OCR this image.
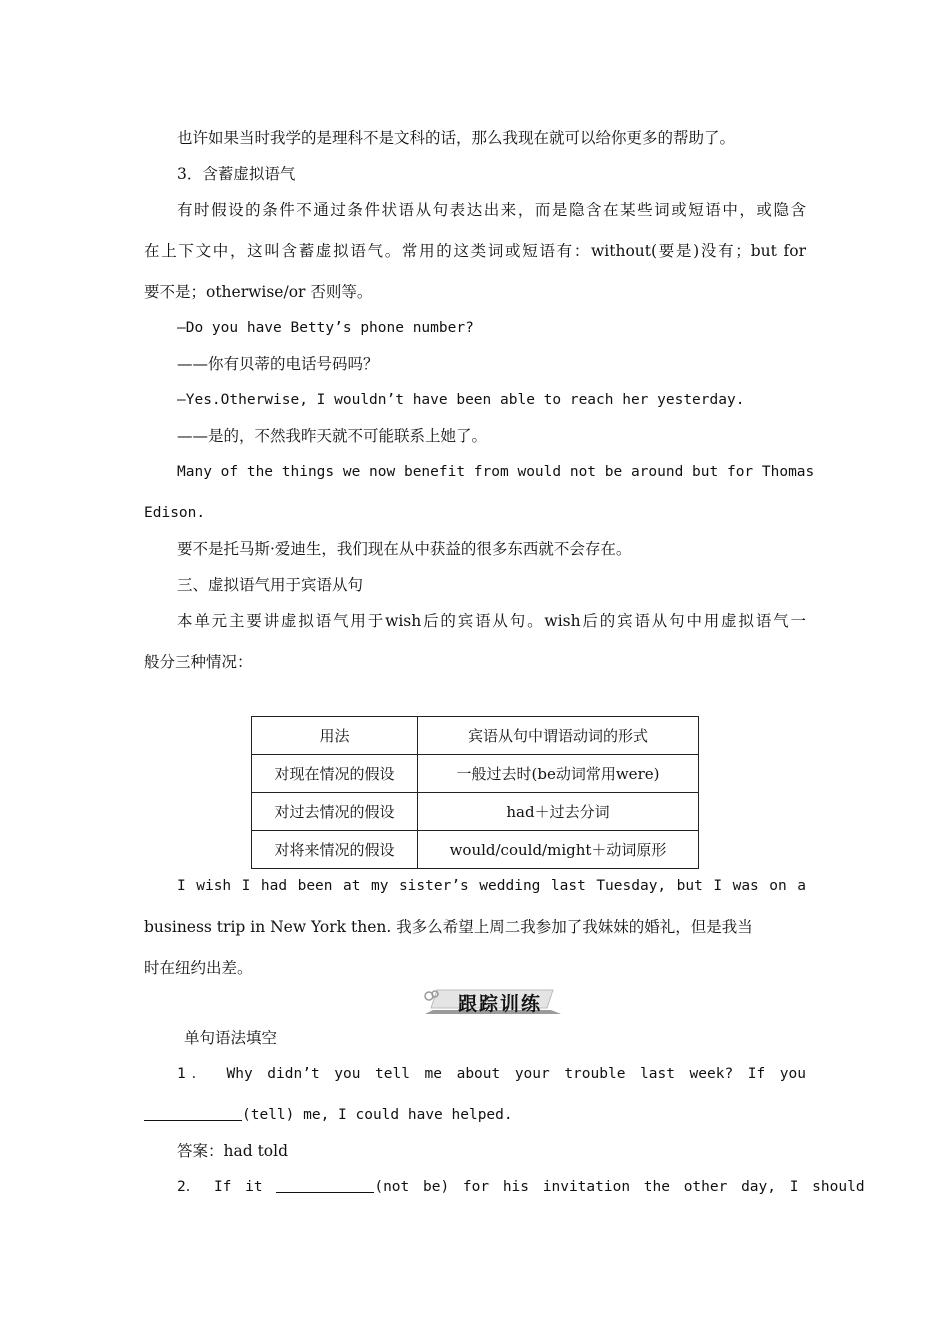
也许如果当时我学的是理科不是文科的话，那么我现在就可以给你更多的帮助了。
3．含蓄虚拟语气
有时假设的条件不通过条件状语从句表达出来，而是隐含在某些词或短语中，或隐含
在上下文中，这叫含蓄虚拟语气。常用的这类词或短语有：without(要是)没有；but for
要不是；otherwise/or 否则等。
—Do you have Betty’s phone number?
——你有贝蒂的电话号码吗？
—Yes.Otherwise, I wouldn’t have been able to reach her yesterday.
——是的，不然我昨天就不可能联系上她了。
Many of the things we now benefit from would not be around but for Thomas
Edison.
要不是托马斯·爱迪生，我们现在从中获益的很多东西就不会存在。
三、虚拟语气用于宾语从句
本单元主要讲虚拟语气用于wish后的宾语从句。wish后的宾语从句中用虚拟语气一
般分三种情况：
用法	宾语从句中谓语动词的形式
对现在情况的假设	一般过去时(be动词常用were)
对过去情况的假设	had＋过去分词
对将来情况的假设	would/could/might＋动词原形
I wish I had been at my sister’s wedding last Tuesday, but I was on a
business trip in New York then. 我多么希望上周二我参加了我妹妹的婚礼，但是我当
时在纽约出差。
跟踪训练
单句语法填空
1． Why didn’t you tell me about your trouble last week? If you
(tell) me, I could have helped.
答案：had told
2． If it	(not be) for his invitation the other day, I should
